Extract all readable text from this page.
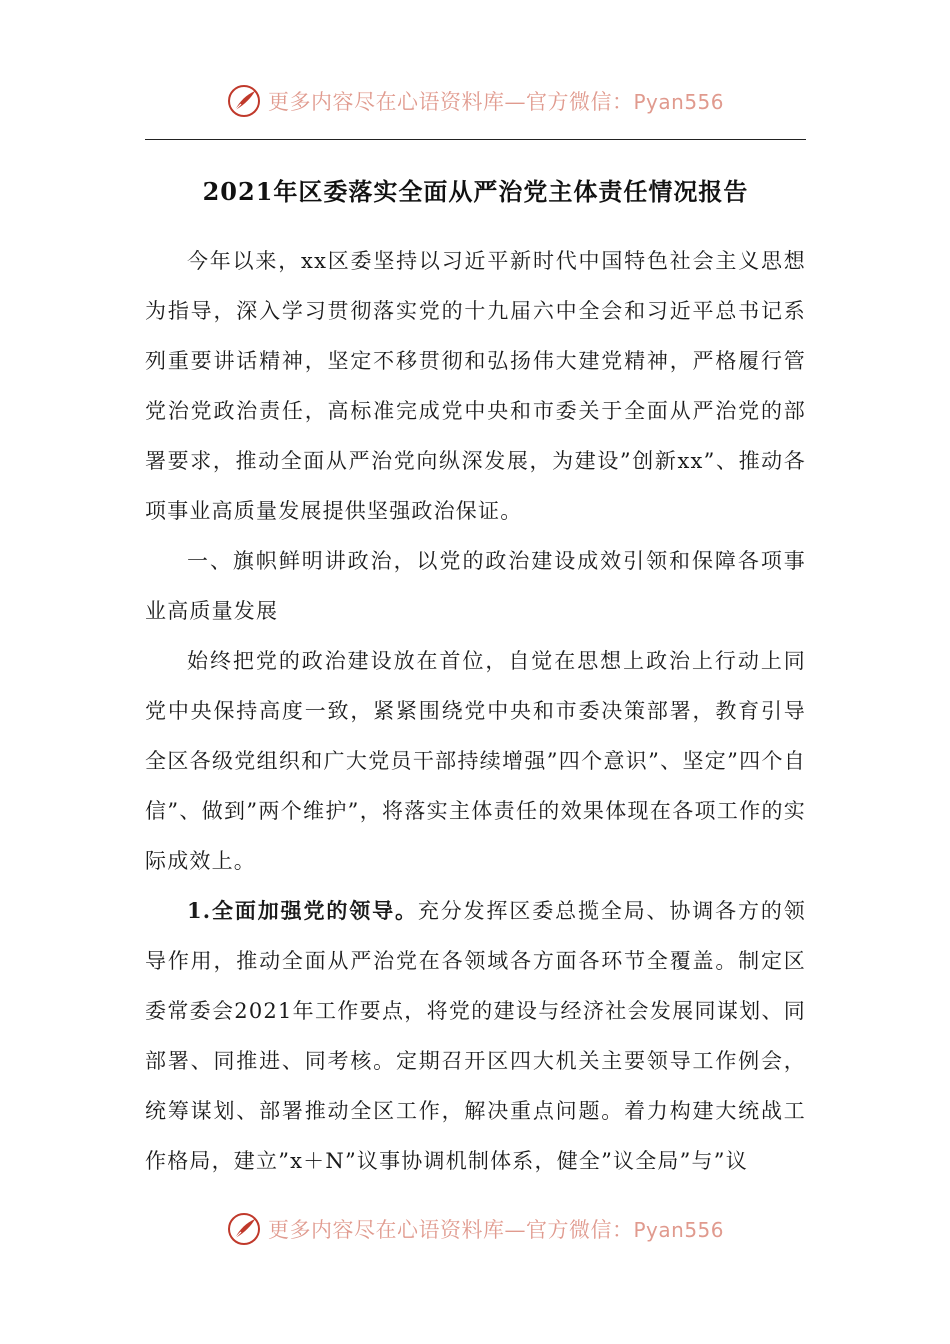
更多内容尽在心语资料库—官方微信：Pyan556
2021年区委落实全面从严治党主体责任情况报告

今年以来，xx区委坚持以习近平新时代中国特色社会主义思想为指导，深入学习贯彻落实党的十九届六中全会和习近平总书记系列重要讲话精神，坚定不移贯彻和弘扬伟大建党精神，严格履行管党治党政治责任，高标准完成党中央和市委关于全面从严治党的部署要求，推动全面从严治党向纵深发展，为建设”创新xx”、推动各项事业高质量发展提供坚强政治保证。

一、旗帜鲜明讲政治，以党的政治建设成效引领和保障各项事业高质量发展

始终把党的政治建设放在首位，自觉在思想上政治上行动上同党中央保持高度一致，紧紧围绕党中央和市委决策部署，教育引导全区各级党组织和广大党员干部持续增强”四个意识”、坚定”四个自信”、做到”两个维护”，将落实主体责任的效果体现在各项工作的实际成效上。

1.全面加强党的领导。充分发挥区委总揽全局、协调各方的领导作用，推动全面从严治党在各领域各方面各环节全覆盖。制定区委常委会2021年工作要点，将党的建设与经济社会发展同谋划、同部署、同推进、同考核。定期召开区四大机关主要领导工作例会，统筹谋划、部署推动全区工作，解决重点问题。着力构建大统战工作格局，建立”x＋N”议事协调机制体系，健全”议全局”与”议

更多内容尽在心语资料库—官方微信：Pyan556
